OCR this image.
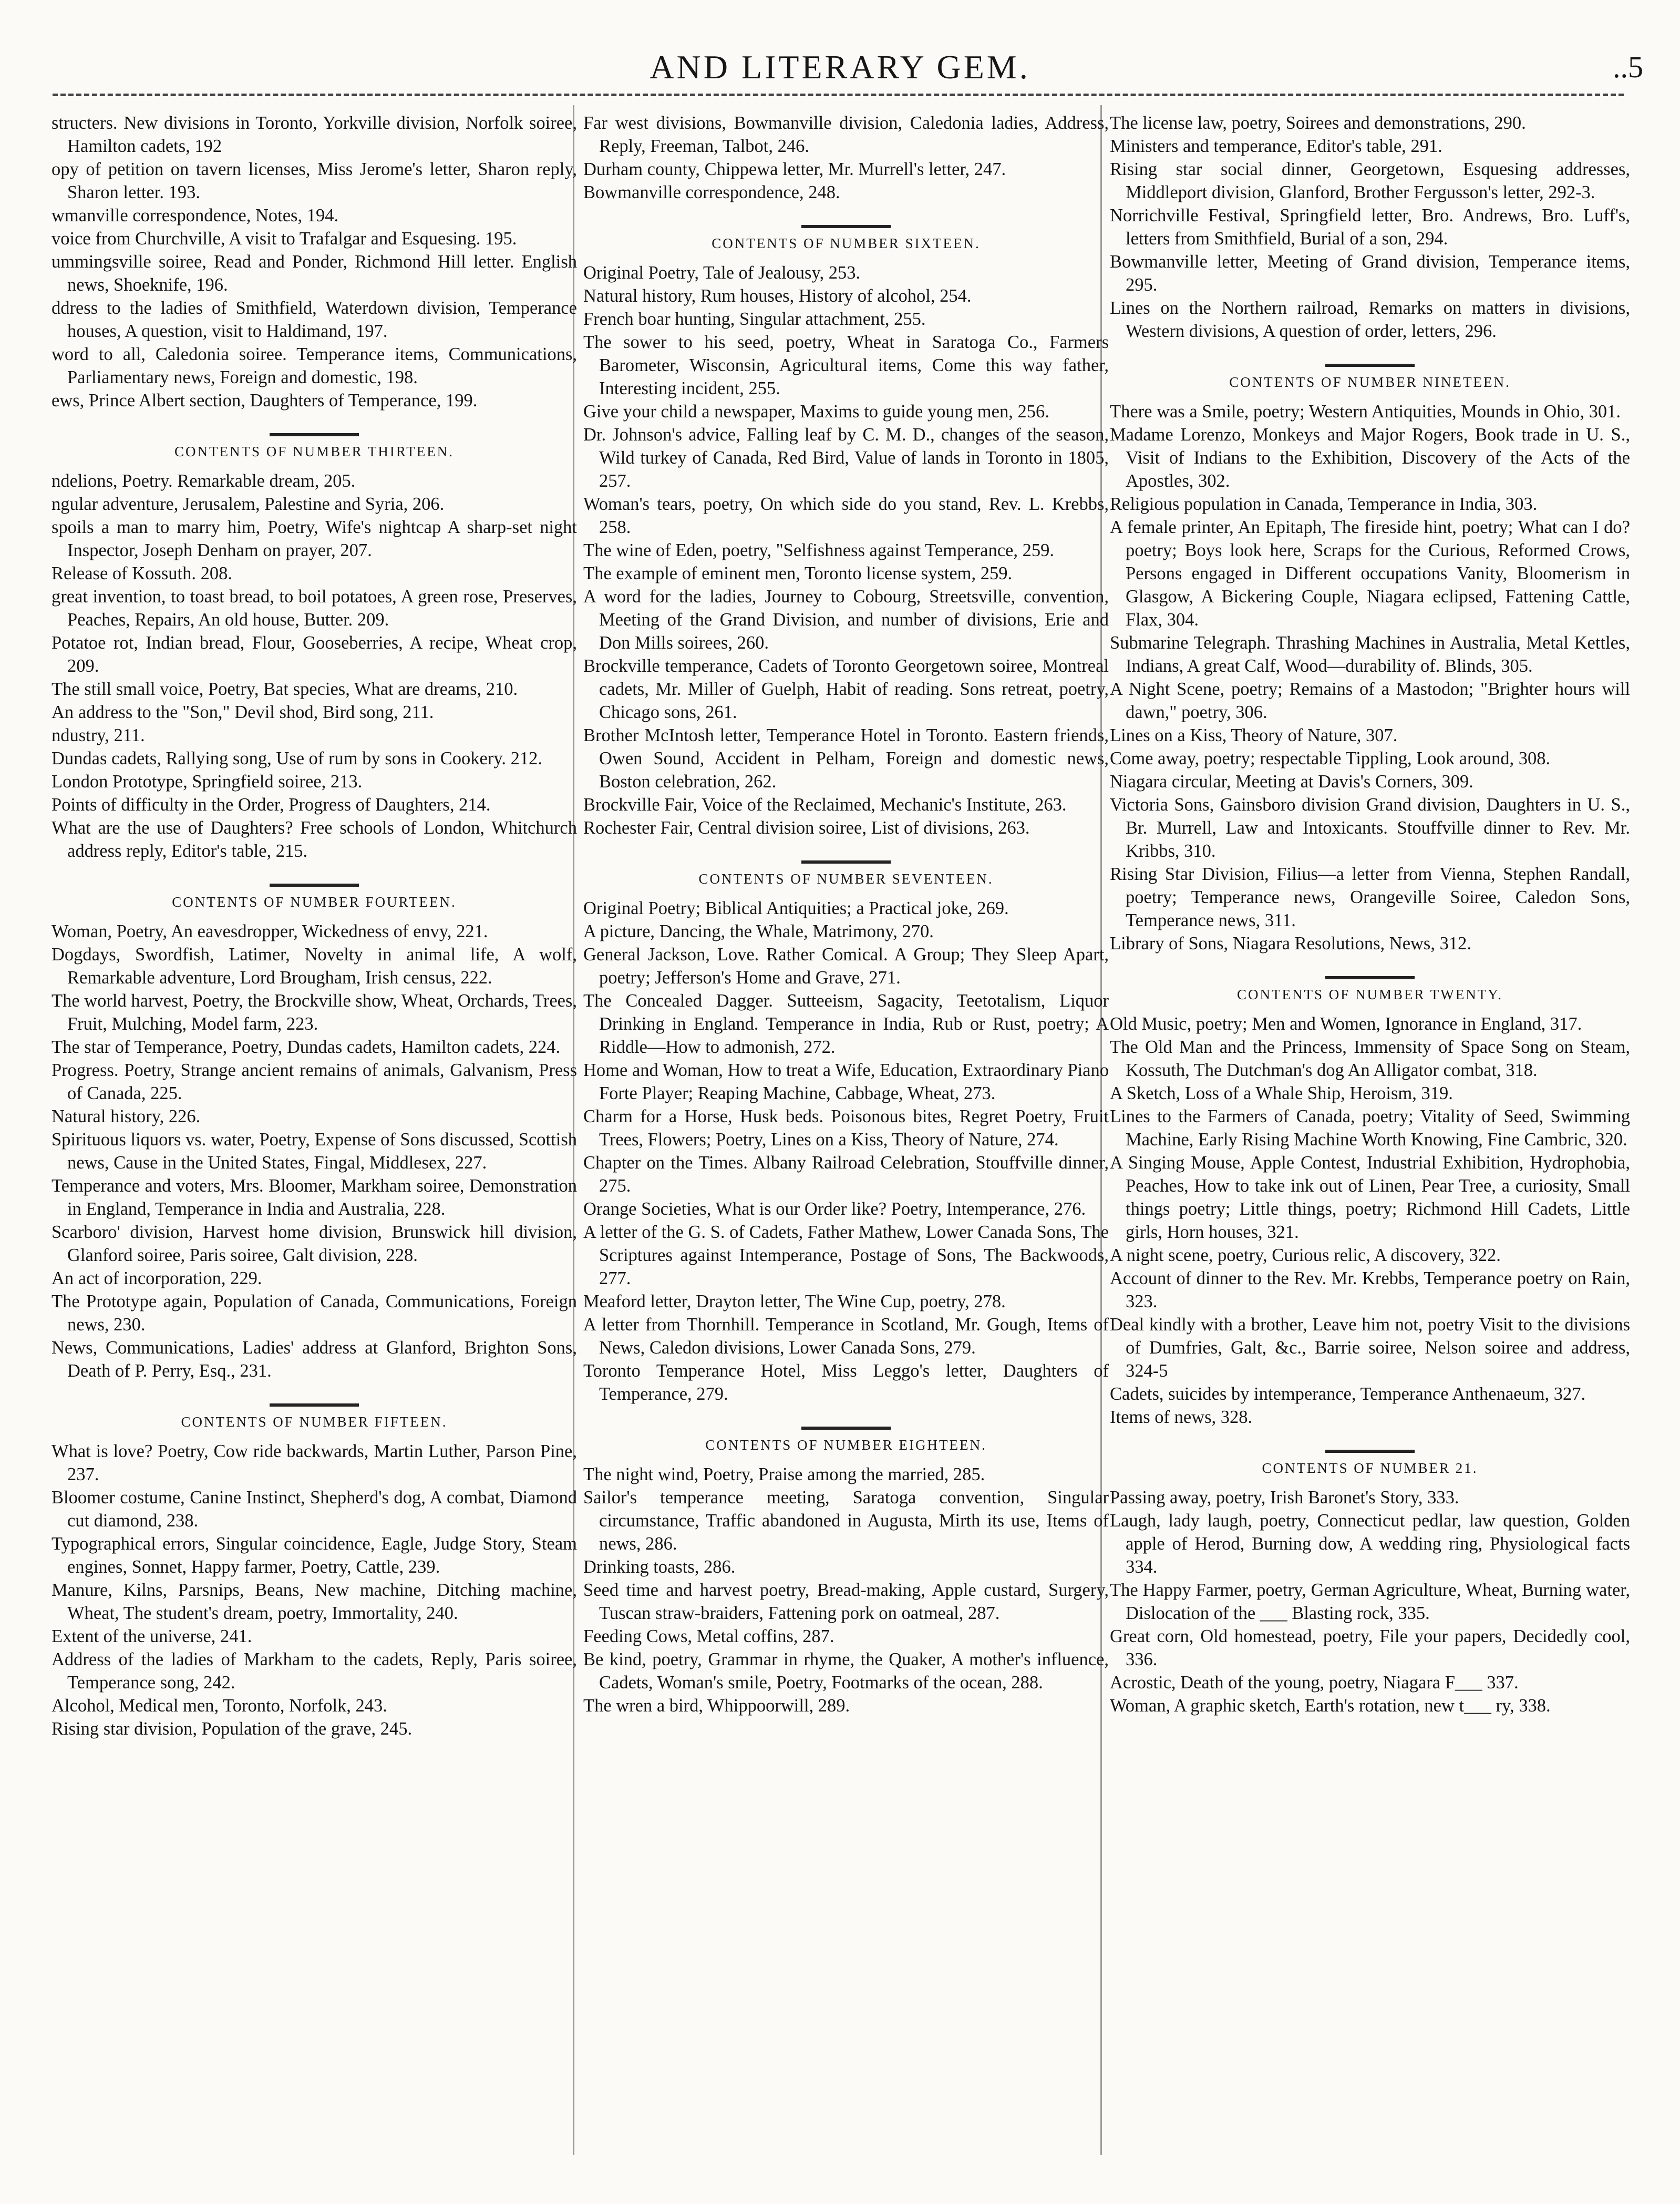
AND LITERARY GEM.	..5
structers. New divisions in Toronto, Yorkville division, Norfolk soiree, Hamilton cadets, 192
opy of petition on tavern licenses, Miss Jerome's letter, Sharon reply, Sharon letter. 193.
wmanville correspondence, Notes, 194.
voice from Churchville, A visit to Trafalgar and Esquesing. 195.
ummingsville soiree, Read and Ponder, Richmond Hill letter. English news, Shoeknife, 196.
ddress to the ladies of Smithfield, Waterdown division, Temperance houses, A question, visit to Haldimand, 197.
word to all, Caledonia soiree. Temperance items, Communications, Parliamentary news, Foreign and domestic, 198.
ews, Prince Albert section, Daughters of Temperance, 199.
CONTENTS OF NUMBER THIRTEEN.
ndelions, Poetry. Remarkable dream, 205.
ngular adventure, Jerusalem, Palestine and Syria, 206.
spoils a man to marry him, Poetry, Wife's nightcap A sharp-set night Inspector, Joseph Denham on prayer, 207.
Release of Kossuth. 208.
great invention, to toast bread, to boil potatoes, A green rose, Preserves, Peaches, Repairs, An old house, Butter. 209.
Potatoe rot, Indian bread, Flour, Gooseberries, A recipe, Wheat crop, 209.
The still small voice, Poetry, Bat species, What are dreams, 210.
An address to the "Son," Devil shod, Bird song, 211.
ndustry, 211.
Dundas cadets, Rallying song, Use of rum by sons in Cookery. 212.
London Prototype, Springfield soiree, 213.
Points of difficulty in the Order, Progress of Daughters, 214.
What are the use of Daughters? Free schools of London, Whitchurch address reply, Editor's table, 215.
CONTENTS OF NUMBER FOURTEEN.
Woman, Poetry, An eavesdropper, Wickedness of envy, 221.
Dogdays, Swordfish, Latimer, Novelty in animal life, A wolf, Remarkable adventure, Lord Brougham, Irish census, 222.
The world harvest, Poetry, the Brockville show, Wheat, Orchards, Trees, Fruit, Mulching, Model farm, 223.
The star of Temperance, Poetry, Dundas cadets, Hamilton cadets, 224.
Progress. Poetry, Strange ancient remains of animals, Galvanism, Press of Canada, 225.
Natural history, 226.
Spirituous liquors vs. water, Poetry, Expense of Sons discussed, Scottish news, Cause in the United States, Fingal, Middlesex, 227.
Temperance and voters, Mrs. Bloomer, Markham soiree, Demonstration in England, Temperance in India and Australia, 228.
Scarboro' division, Harvest home division, Brunswick hill division, Glanford soiree, Paris soiree, Galt division, 228.
An act of incorporation, 229.
The Prototype again, Population of Canada, Communications, Foreign news, 230.
News, Communications, Ladies' address at Glanford, Brighton Sons, Death of P. Perry, Esq., 231.
CONTENTS OF NUMBER FIFTEEN.
What is love? Poetry, Cow ride backwards, Martin Luther, Parson Pine, 237.
Bloomer costume, Canine Instinct, Shepherd's dog, A combat, Diamond cut diamond, 238.
Typographical errors, Singular coincidence, Eagle, Judge Story, Steam engines, Sonnet, Happy farmer, Poetry, Cattle, 239.
Manure, Kilns, Parsnips, Beans, New machine, Ditching machine, Wheat, The student's dream, poetry, Immortality, 240.
Extent of the universe, 241.
Address of the ladies of Markham to the cadets, Reply, Paris soiree, Temperance song, 242.
Alcohol, Medical men, Toronto, Norfolk, 243.
Rising star division, Population of the grave, 245.
Far west divisions, Bowmanville division, Caledonia ladies, Address, Reply, Freeman, Talbot, 246.
Durham county, Chippewa letter, Mr. Murrell's letter, 247.
Bowmanville correspondence, 248.
CONTENTS OF NUMBER SIXTEEN.
Original Poetry, Tale of Jealousy, 253.
Natural history, Rum houses, History of alcohol, 254.
French boar hunting, Singular attachment, 255.
The sower to his seed, poetry, Wheat in Saratoga Co., Farmers Barometer, Wisconsin, Agricultural items, Come this way father, Interesting incident, 255.
Give your child a newspaper, Maxims to guide young men, 256.
Dr. Johnson's advice, Falling leaf by C. M. D., changes of the season, Wild turkey of Canada, Red Bird, Value of lands in Toronto in 1805, 257.
Woman's tears, poetry, On which side do you stand, Rev. L. Krebbs, 258.
The wine of Eden, poetry, "Selfishness against Temperance, 259.
The example of eminent men, Toronto license system, 259.
A word for the ladies, Journey to Cobourg, Streetsville, convention, Meeting of the Grand Division, and number of divisions, Erie and Don Mills soirees, 260.
Brockville temperance, Cadets of Toronto Georgetown soiree, Montreal cadets, Mr. Miller of Guelph, Habit of reading. Sons retreat, poetry, Chicago sons, 261.
Brother McIntosh letter, Temperance Hotel in Toronto. Eastern friends, Owen Sound, Accident in Pelham, Foreign and domestic news, Boston celebration, 262.
Brockville Fair, Voice of the Reclaimed, Mechanic's Institute, 263.
Rochester Fair, Central division soiree, List of divisions, 263.
CONTENTS OF NUMBER SEVENTEEN.
Original Poetry; Biblical Antiquities; a Practical joke, 269.
A picture, Dancing, the Whale, Matrimony, 270.
General Jackson, Love. Rather Comical. A Group; They Sleep Apart, poetry; Jefferson's Home and Grave, 271.
The Concealed Dagger. Sutteeism, Sagacity, Teetotalism, Liquor Drinking in England. Temperance in India, Rub or Rust, poetry; A Riddle—How to admonish, 272.
Home and Woman, How to treat a Wife, Education, Extraordinary Piano Forte Player; Reaping Machine, Cabbage, Wheat, 273.
Charm for a Horse, Husk beds. Poisonous bites, Regret Poetry, Fruit Trees, Flowers; Poetry, Lines on a Kiss, Theory of Nature, 274.
Chapter on the Times. Albany Railroad Celebration, Stouffville dinner, 275.
Orange Societies, What is our Order like? Poetry, Intemperance, 276.
A letter of the G. S. of Cadets, Father Mathew, Lower Canada Sons, The Scriptures against Intemperance, Postage of Sons, The Backwoods, 277.
Meaford letter, Drayton letter, The Wine Cup, poetry, 278.
A letter from Thornhill. Temperance in Scotland, Mr. Gough, Items of News, Caledon divisions, Lower Canada Sons, 279.
Toronto Temperance Hotel, Miss Leggo's letter, Daughters of Temperance, 279.
CONTENTS OF NUMBER EIGHTEEN.
The night wind, Poetry, Praise among the married, 285.
Sailor's temperance meeting, Saratoga convention, Singular circumstance, Traffic abandoned in Augusta, Mirth its use, Items of news, 286.
Drinking toasts, 286.
Seed time and harvest poetry, Bread-making, Apple custard, Surgery, Tuscan straw-braiders, Fattening pork on oatmeal, 287.
Feeding Cows, Metal coffins, 287.
Be kind, poetry, Grammar in rhyme, the Quaker, A mother's influence, Cadets, Woman's smile, Poetry, Footmarks of the ocean, 288.
The wren a bird, Whippoorwill, 289.
The license law, poetry, Soirees and demonstrations, 290.
Ministers and temperance, Editor's table, 291.
Rising star social dinner, Georgetown, Esquesing addresses, Middleport division, Glanford, Brother Fergusson's letter, 292-3.
Norrichville Festival, Springfield letter, Bro. Andrews, Bro. Luff's, letters from Smithfield, Burial of a son, 294.
Bowmanville letter, Meeting of Grand division, Temperance items, 295.
Lines on the Northern railroad, Remarks on matters in divisions, Western divisions, A question of order, letters, 296.
CONTENTS OF NUMBER NINETEEN.
There was a Smile, poetry; Western Antiquities, Mounds in Ohio, 301.
Madame Lorenzo, Monkeys and Major Rogers, Book trade in U. S., Visit of Indians to the Exhibition, Discovery of the Acts of the Apostles, 302.
Religious population in Canada, Temperance in India, 303.
A female printer, An Epitaph, The fireside hint, poetry; What can I do? poetry; Boys look here, Scraps for the Curious, Reformed Crows, Persons engaged in Different occupations Vanity, Bloomerism in Glasgow, A Bickering Couple, Niagara eclipsed, Fattening Cattle, Flax, 304.
Submarine Telegraph. Thrashing Machines in Australia, Metal Kettles, Indians, A great Calf, Wood—durability of. Blinds, 305.
A Night Scene, poetry; Remains of a Mastodon; "Brighter hours will dawn," poetry, 306.
Lines on a Kiss, Theory of Nature, 307.
Come away, poetry; respectable Tippling, Look around, 308.
Niagara circular, Meeting at Davis's Corners, 309.
Victoria Sons, Gainsboro division Grand division, Daughters in U. S., Br. Murrell, Law and Intoxicants. Stouffville dinner to Rev. Mr. Kribbs, 310.
Rising Star Division, Filius—a letter from Vienna, Stephen Randall, poetry; Temperance news, Orangeville Soiree, Caledon Sons, Temperance news, 311.
Library of Sons, Niagara Resolutions, News, 312.
CONTENTS OF NUMBER TWENTY.
Old Music, poetry; Men and Women, Ignorance in England, 317.
The Old Man and the Princess, Immensity of Space Song on Steam, Kossuth, The Dutchman's dog An Alligator combat, 318.
A Sketch, Loss of a Whale Ship, Heroism, 319.
Lines to the Farmers of Canada, poetry; Vitality of Seed, Swimming Machine, Early Rising Machine Worth Knowing, Fine Cambric, 320.
A Singing Mouse, Apple Contest, Industrial Exhibition, Hydrophobia, Peaches, How to take ink out of Linen, Pear Tree, a curiosity, Small things poetry; Little things, poetry; Richmond Hill Cadets, Little girls, Horn houses, 321.
A night scene, poetry, Curious relic, A discovery, 322.
Account of dinner to the Rev. Mr. Krebbs, Temperance poetry on Rain, 323.
Deal kindly with a brother, Leave him not, poetry Visit to the divisions of Dumfries, Galt, &c., Barrie soiree, Nelson soiree and address, 324-5
Cadets, suicides by intemperance, Temperance Anthenaeum, 327.
Items of news, 328.
CONTENTS OF NUMBER 21.
Passing away, poetry, Irish Baronet's Story, 333.
Laugh, lady laugh, poetry, Connecticut pedlar, law question, Golden apple of Herod, Burning dow, A wedding ring, Physiological facts 334.
The Happy Farmer, poetry, German Agriculture, Wheat, Burning water, Dislocation of the ___ Blasting rock, 335.
Great corn, Old homestead, poetry, File your papers, Decidedly cool, 336.
Acrostic, Death of the young, poetry, Niagara F___ 337.
Woman, A graphic sketch, Earth's rotation, new t___ ry, 338.
